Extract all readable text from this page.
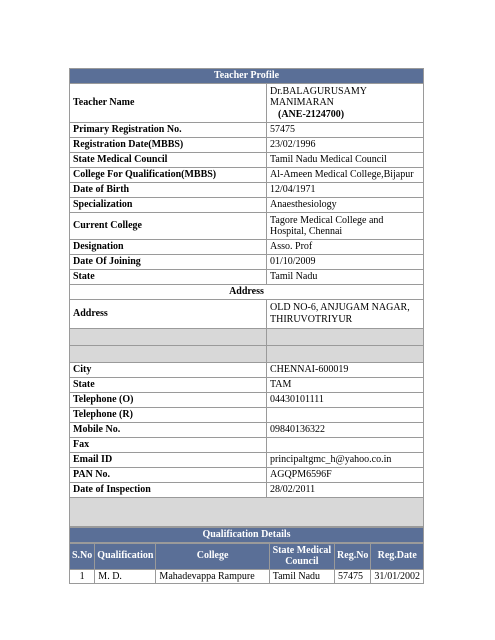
Teacher Profile	
Teacher Name	Dr.BALAGURUSAMY
MANIMARAN
(ANE-2124700)

Primary Registration No.	57475
Registration Date(MBBS)	23/02/1996
State Medical Council	Tamil Nadu Medical Council
College For Qualification(MBBS)	Al-Ameen Medical College,Bijapur
Date of Birth	12/04/1971
Specialization	Anaesthesiology
Current College	Tagore Medical College and Hospital, Chennai
Designation	Asso. Prof
Date Of Joining	01/10/2009
State	Tamil Nadu
Address	
Address	OLD NO-6, ANJUGAM NAGAR, THIRUVOTRIYUR

City	CHENNAI-600019
State	TAM
Telephone (O)	04430101111
Telephone (R)	
Mobile No.	09840136322
Fax	
Email ID	principaltgmc_h@yahoo.co.in
PAN No.	AGQPM6596F
Date of Inspection	28/02/2011

Qualification Details
S.No	Qualification	College	State Medical Council	Reg.No	Reg.Date
1	M. D.	Mahadevappa Rampure	Tamil Nadu	57475	31/01/2002
